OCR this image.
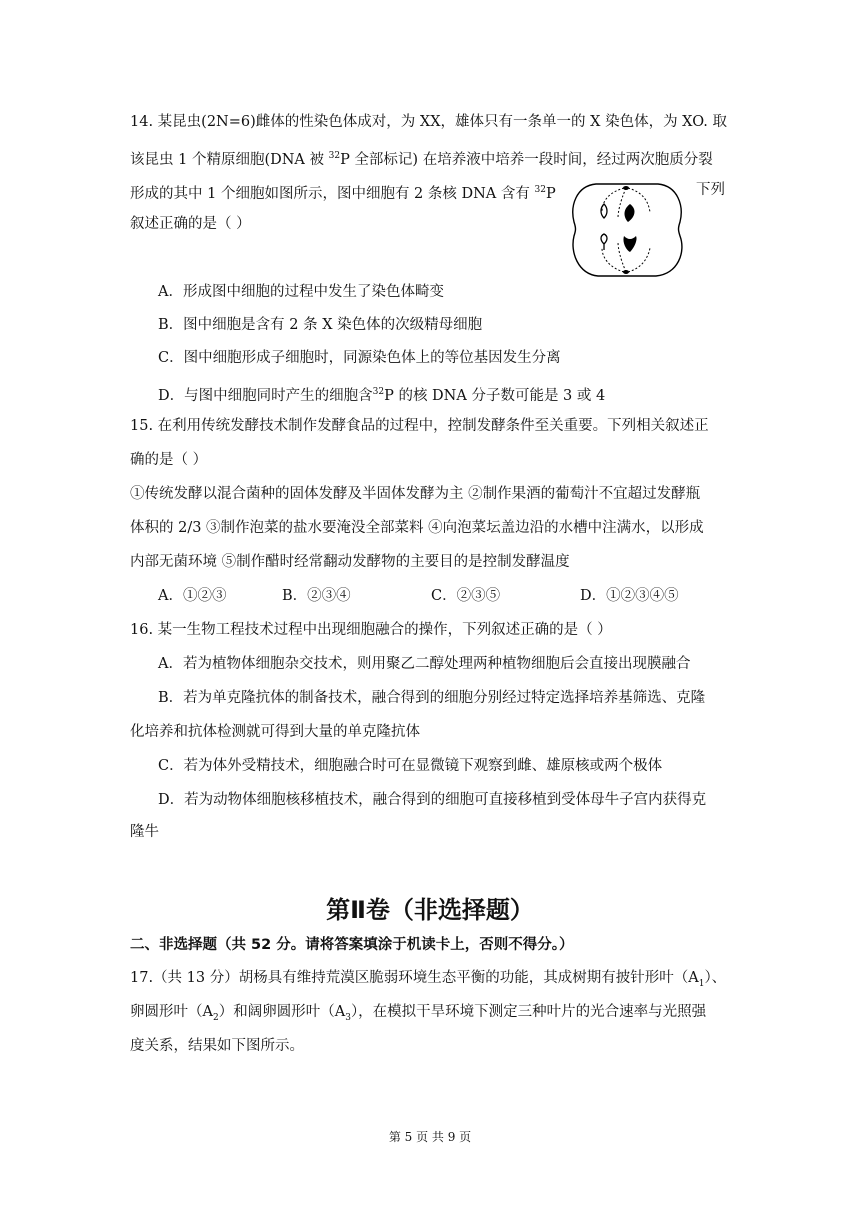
14. 某昆虫(2N=6)雌体的性染色体成对，为 XX，雄体只有一条单一的 X 染色体，为 XO. 取
该昆虫 1 个精原细胞(DNA 被 $^{32}$P 全部标记) 在培养液中培养一段时间，经过两次胞质分裂
形成的其中 1 个细胞如图所示，图中细胞有 2 条核 DNA 含有 $^{32}$P	下列
叙述正确的是（ ）
A．形成图中细胞的过程中发生了染色体畸变
B．图中细胞是含有 2 条 X 染色体的次级精母细胞
C．图中细胞形成子细胞时，同源染色体上的等位基因发生分离
D．与图中细胞同时产生的细胞含$^{32}$P 的核 DNA 分子数可能是 3 或 4
15. 在利用传统发酵技术制作发酵食品的过程中，控制发酵条件至关重要。下列相关叙述正
确的是（ ）
①传统发酵以混合菌种的固体发酵及半固体发酵为主 ②制作果酒的葡萄汁不宜超过发酵瓶
体积的 2/3 ③制作泡菜的盐水要淹没全部菜料 ④向泡菜坛盖边沿的水槽中注满水，以形成
内部无菌环境 ⑤制作醋时经常翻动发酵物的主要目的是控制发酵温度
A．①②③	B．②③④	C．②③⑤	D．①②③④⑤
16. 某一生物工程技术过程中出现细胞融合的操作，下列叙述正确的是（ ）
A．若为植物体细胞杂交技术，则用聚乙二醇处理两种植物细胞后会直接出现膜融合
B．若为单克隆抗体的制备技术，融合得到的细胞分别经过特定选择培养基筛选、克隆
化培养和抗体检测就可得到大量的单克隆抗体
C．若为体外受精技术，细胞融合时可在显微镜下观察到雌、雄原核或两个极体
D．若为动物体细胞核移植技术，融合得到的细胞可直接移植到受体母牛子宫内获得克
隆牛
第Ⅱ卷（非选择题）
二、非选择题（共 52 分。请将答案填涂于机读卡上，否则不得分。）
17.（共 13 分）胡杨具有维持荒漠区脆弱环境生态平衡的功能，其成树期有披针形叶$(A_1)$、
卵圆形叶$(A_2)$和阔卵圆形叶$(A_3)$，在模拟干旱环境下测定三种叶片的光合速率与光照强
度关系，结果如下图所示。
第 5 页 共 9 页
